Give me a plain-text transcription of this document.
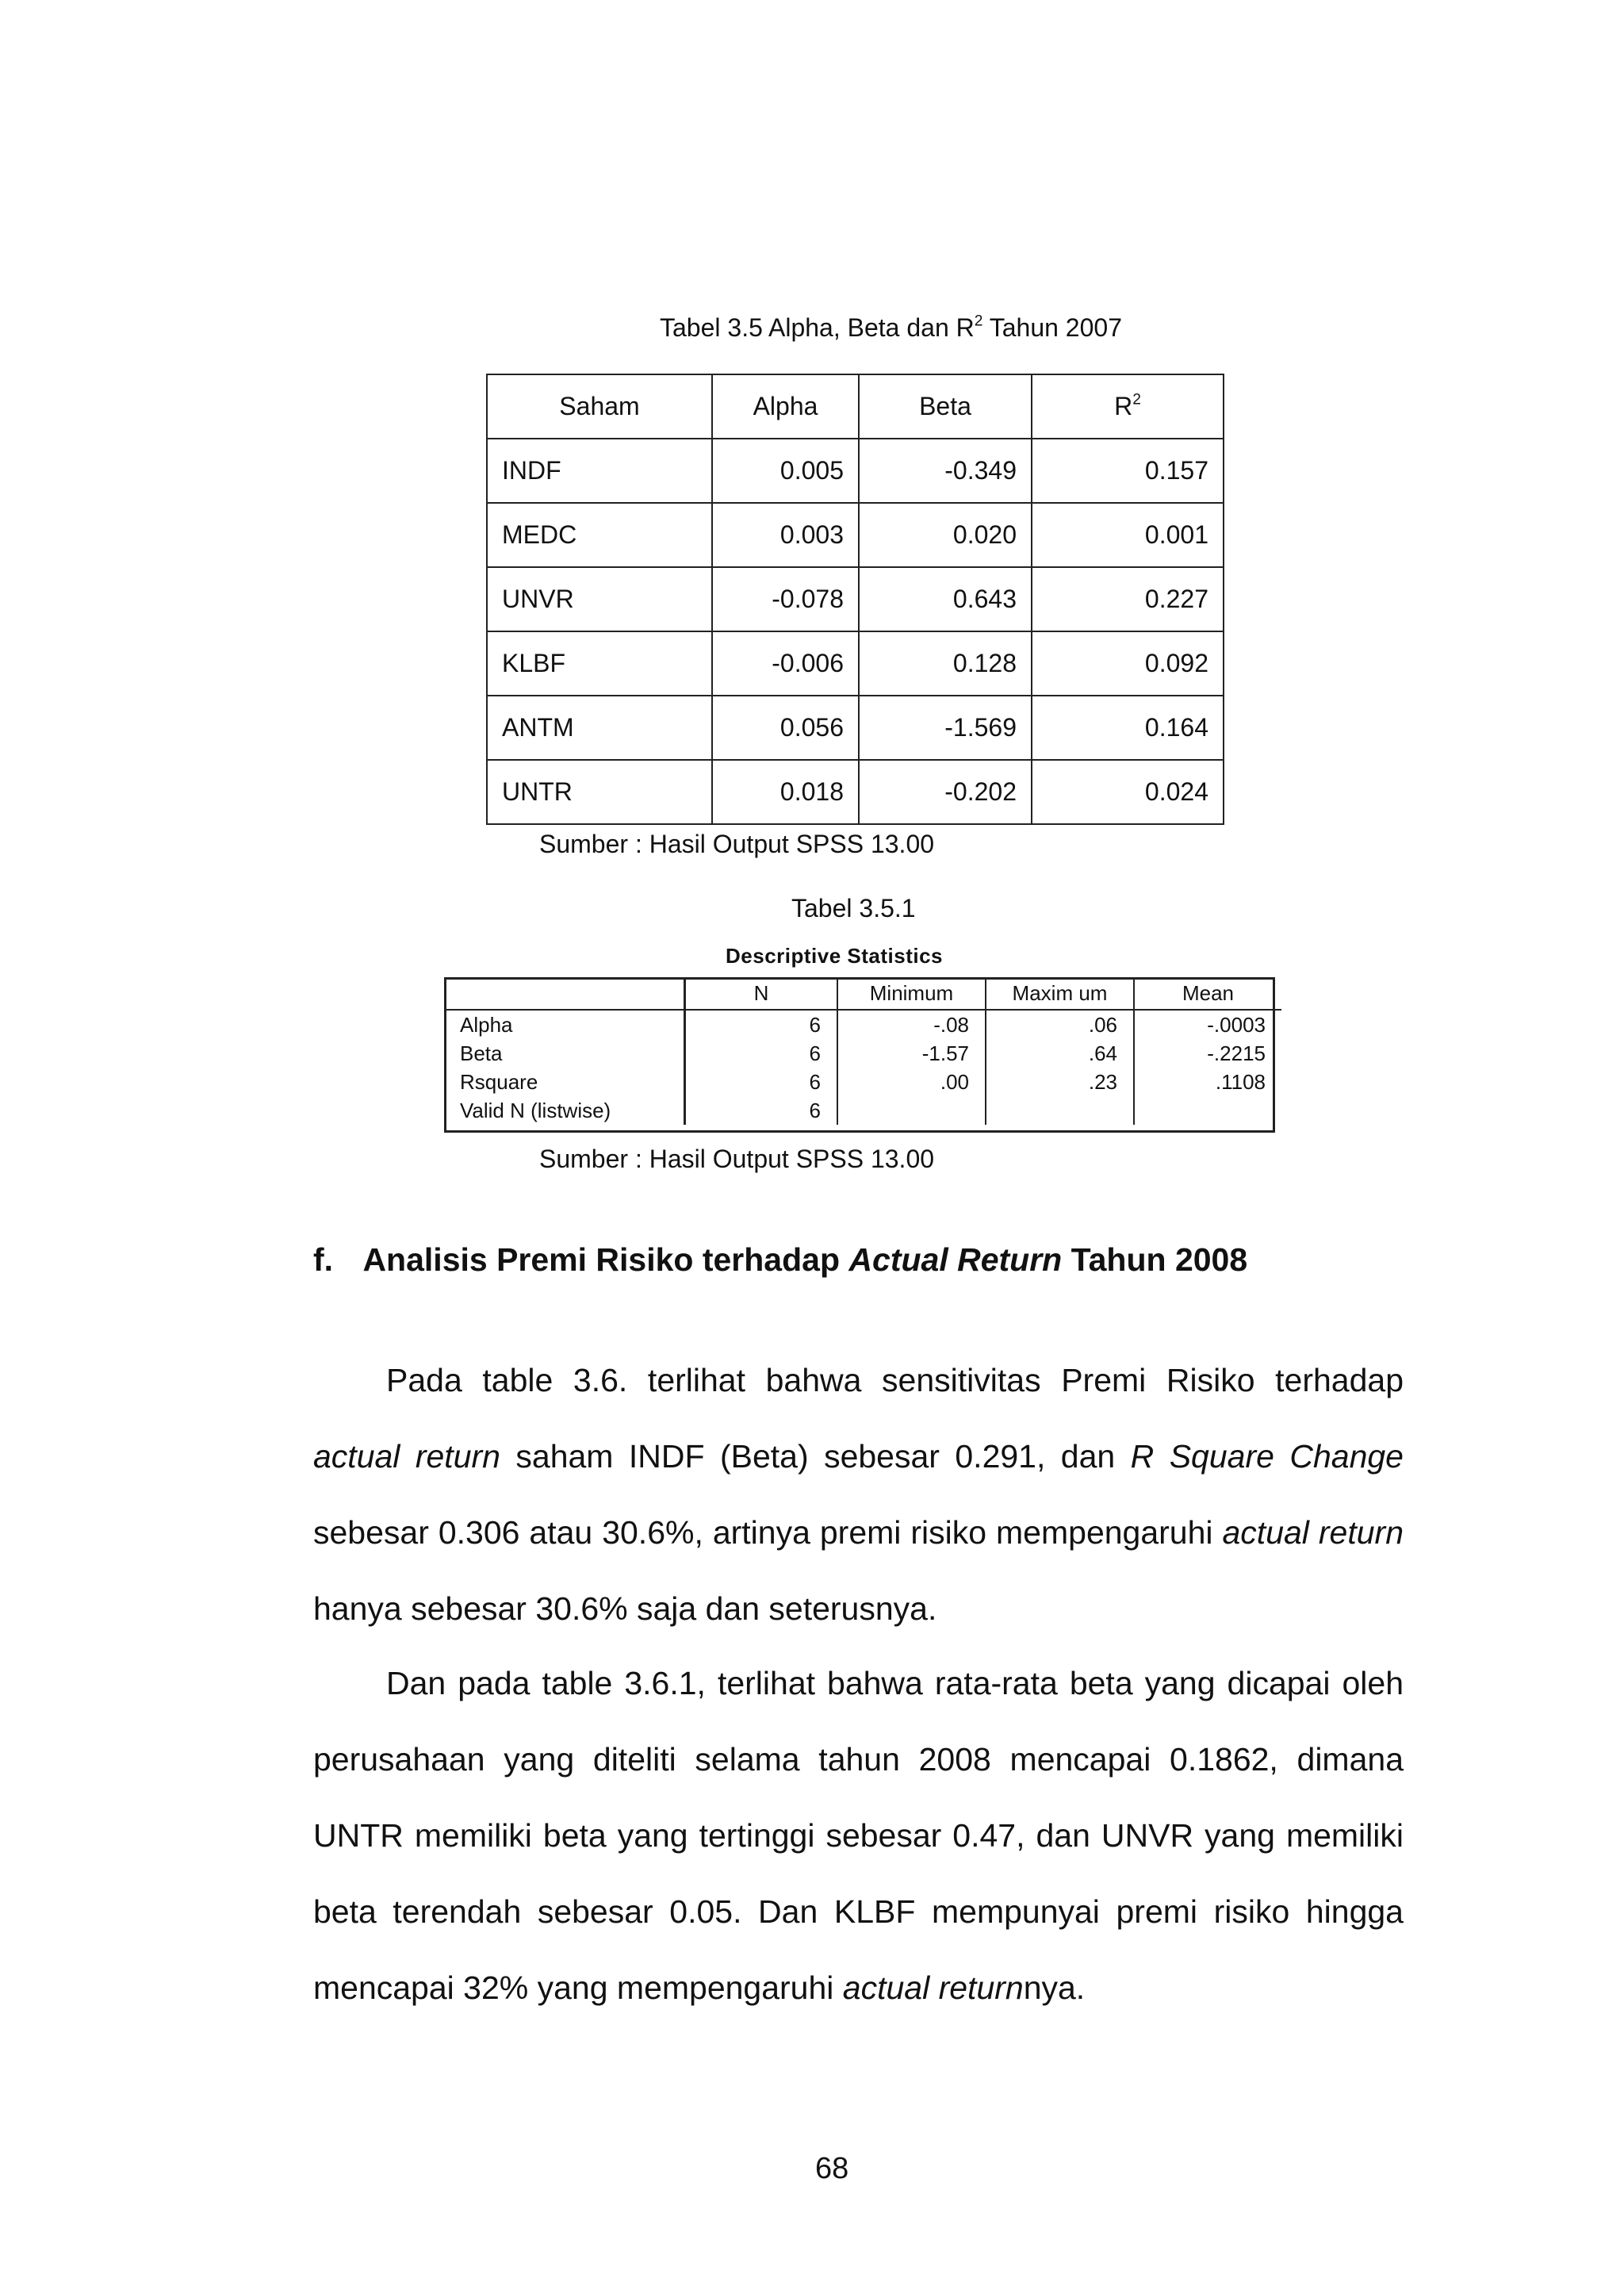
Tabel 3.5 Alpha, Beta dan $R^2$ Tahun 2007
Saham	Alpha	Beta	$R^2$
INDF	0.005	-0.349	0.157
MEDC	0.003	0.020	0.001
UNVR	-0.078	0.643	0.227
KLBF	-0.006	0.128	0.092
ANTM	0.056	-1.569	0.164
UNTR	0.018	-0.202	0.024
Sumber : Hasil Output SPSS 13.00
Tabel 3.5.1
Descriptive Statistics
	N	Minimum	Maxim um	Mean
Alpha	6	-.08	.06	-.0003
Beta	6	-1.57	.64	-.2215
Rsquare	6	.00	.23	.1108
Valid N (listwise)	6			
Sumber : Hasil Output SPSS 13.00
f. Analisis Premi Risiko terhadap Actual Return Tahun 2008
Pada table 3.6. terlihat bahwa sensitivitas Premi Risiko terhadap actual return saham INDF (Beta) sebesar 0.291, dan R Square Change sebesar 0.306 atau 30.6%, artinya premi risiko mempengaruhi actual return hanya sebesar 30.6% saja dan seterusnya.
Dan pada table 3.6.1, terlihat bahwa rata-rata beta yang dicapai oleh perusahaan yang diteliti selama tahun 2008 mencapai 0.1862, dimana UNTR memiliki beta yang tertinggi sebesar 0.47, dan UNVR yang memiliki beta terendah sebesar 0.05. Dan KLBF mempunyai premi risiko hingga mencapai 32% yang mempengaruhi actual returnnya.
68
